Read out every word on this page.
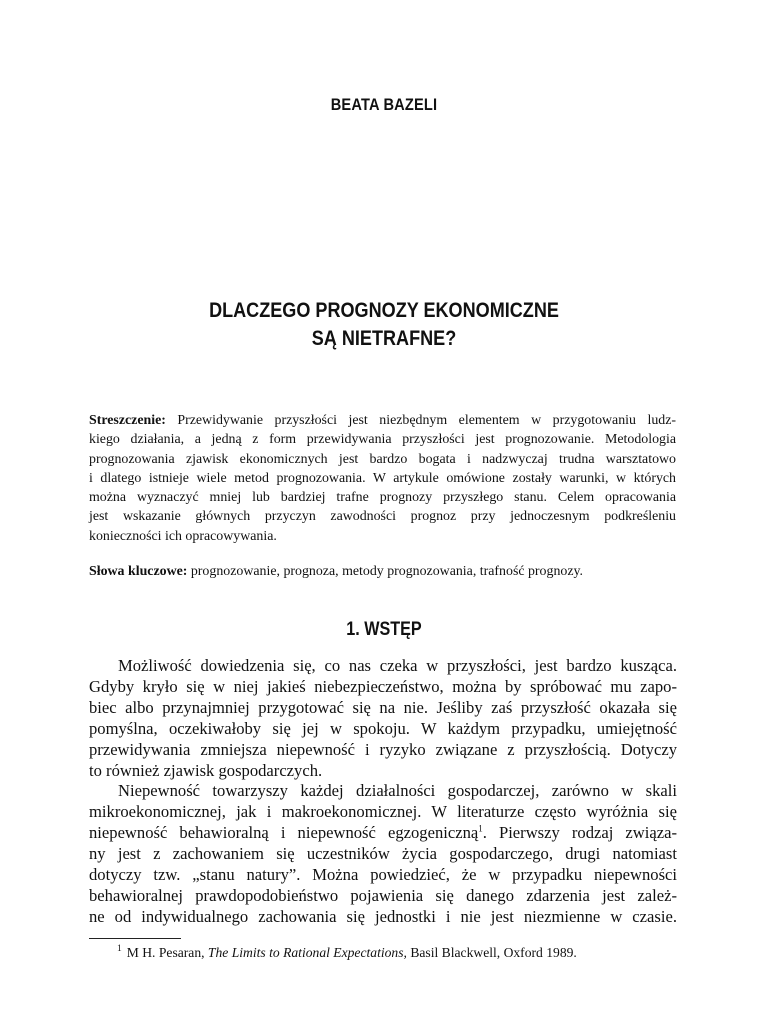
BEATA BAZELI
DLACZEGO PROGNOZY EKONOMICZNE
SĄ NIETRAFNE?
Streszczenie: Przewidywanie przyszłości jest niezbędnym elementem w przygotowaniu ludz-
kiego działania, a jedną z form przewidywania przyszłości jest prognozowanie. Metodologia
prognozowania zjawisk ekonomicznych jest bardzo bogata i nadzwyczaj trudna warsztatowo
i dlatego istnieje wiele metod prognozowania. W artykule omówione zostały warunki, w których
można wyznaczyć mniej lub bardziej trafne prognozy przyszłego stanu. Celem opracowania
jest wskazanie głównych przyczyn zawodności prognoz przy jednoczesnym podkreśleniu
konieczności ich opracowywania.
Słowa kluczowe: prognozowanie, prognoza, metody prognozowania, trafność prognozy.
1. WSTĘP
Możliwość dowiedzenia się, co nas czeka w przyszłości, jest bardzo kusząca.
Gdyby kryło się w niej jakieś niebezpieczeństwo, można by spróbować mu zapo-
biec albo przynajmniej przygotować się na nie. Jeśliby zaś przyszłość okazała się
pomyślna, oczekiwałoby się jej w spokoju. W każdym przypadku, umiejętność
przewidywania zmniejsza niepewność i ryzyko związane z przyszłością. Dotyczy
to również zjawisk gospodarczych.
Niepewność towarzyszy każdej działalności gospodarczej, zarówno w skali
mikroekonomicznej, jak i makroekonomicznej. W literaturze często wyróżnia się
niepewność behawioralną i niepewność egzogeniczną$^1$. Pierwszy rodzaj związa-
ny jest z zachowaniem się uczestników życia gospodarczego, drugi natomiast
dotyczy tzw. „stanu natury”. Można powiedzieć, że w przypadku niepewności
behawioralnej prawdopodobieństwo pojawienia się danego zdarzenia jest zależ-
ne od indywidualnego zachowania się jednostki i nie jest niezmienne w czasie.
$^1$ M H. Pesaran, The Limits to Rational Expectations, Basil Blackwell, Oxford 1989.
